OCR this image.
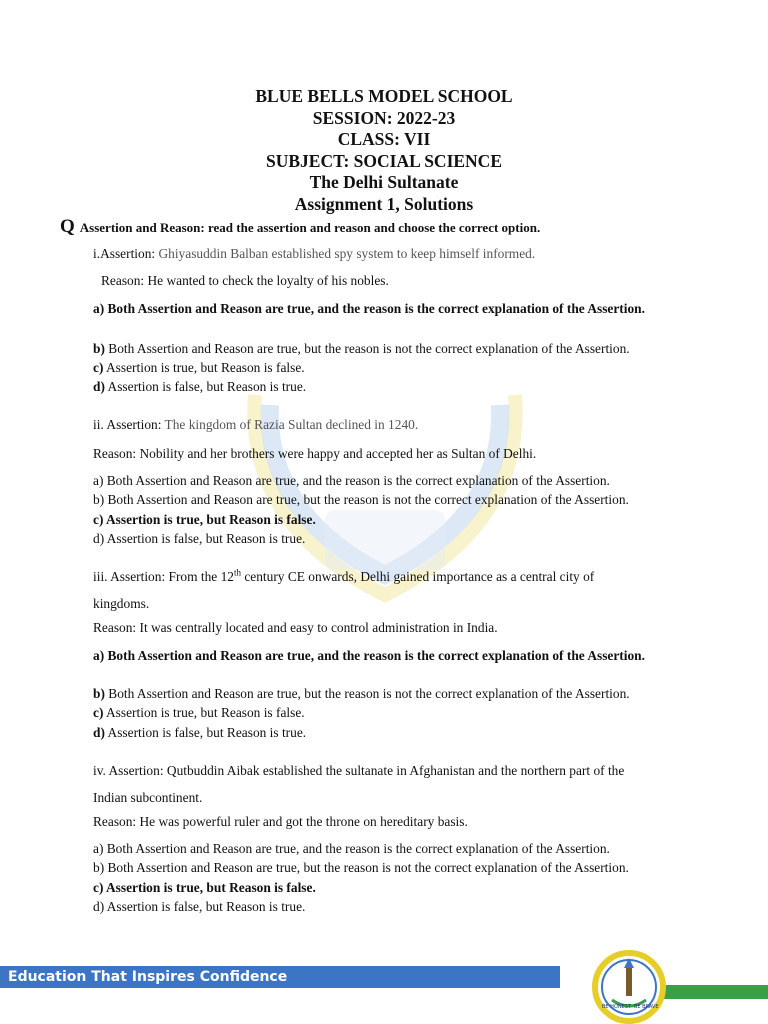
BLUE BELLS MODEL SCHOOL
SESSION: 2022-23
CLASS: VII
SUBJECT: SOCIAL SCIENCE
The Delhi Sultanate
Assignment 1, Solutions
Q Assertion and Reason: read the assertion and reason and choose the correct option.
i.Assertion: Ghiyasuddin Balban established spy system to keep himself informed.
Reason: He wanted to check the loyalty of his nobles.
a) Both Assertion and Reason are true, and the reason is the correct explanation of the Assertion.
b) Both Assertion and Reason are true, but the reason is not the correct explanation of the Assertion.
c) Assertion is true, but Reason is false.
d) Assertion is false, but Reason is true.
ii. Assertion: The kingdom of Razia Sultan declined in 1240.
Reason: Nobility and her brothers were happy and accepted her as Sultan of Delhi.
a) Both Assertion and Reason are true, and the reason is the correct explanation of the Assertion.
b) Both Assertion and Reason are true, but the reason is not the correct explanation of the Assertion.
c) Assertion is true, but Reason is false.
d) Assertion is false, but Reason is true.
iii. Assertion: From the 12th century CE onwards, Delhi gained importance as a central city of
kingdoms.
Reason: It was centrally located and easy to control administration in India.
a) Both Assertion and Reason are true, and the reason is the correct explanation of the Assertion.
b) Both Assertion and Reason are true, but the reason is not the correct explanation of the Assertion.
c) Assertion is true, but Reason is false.
d) Assertion is false, but Reason is true.
iv. Assertion: Qutbuddin Aibak established the sultanate in Afghanistan and the northern part of the
Indian subcontinent.
Reason: He was powerful ruler and got the throne on hereditary basis.
a) Both Assertion and Reason are true, and the reason is the correct explanation of the Assertion.
b) Both Assertion and Reason are true, but the reason is not the correct explanation of the Assertion.
c) Assertion is true, but Reason is false.
d) Assertion is false, but Reason is true.
Education That Inspires Confidence
BE HONEST BE BRAVE
